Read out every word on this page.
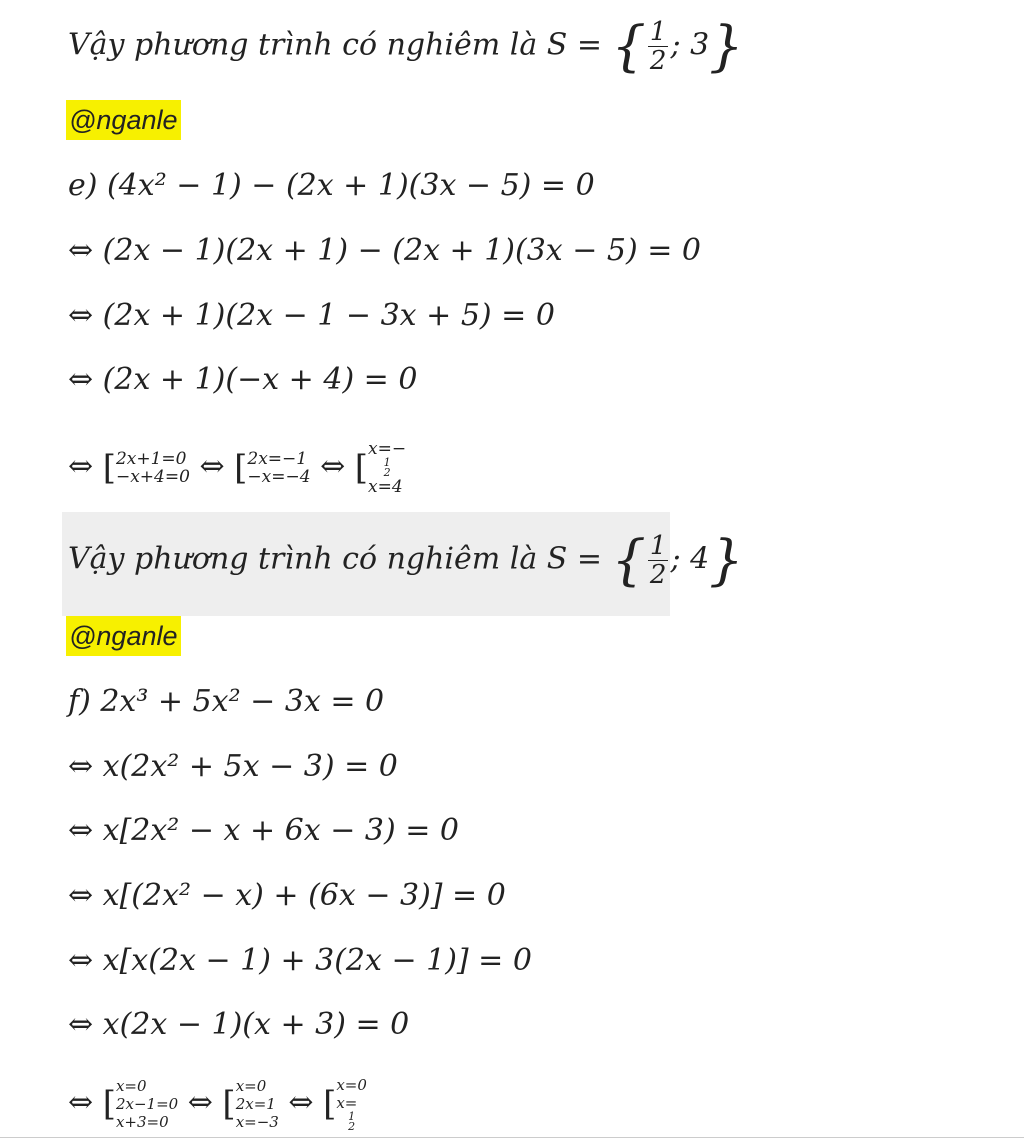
Vậy phương trình có nghiêm là S = { $\frac{1}{2}$ ; 3}
@nganle
e) (4x² − 1) − (2x + 1)(3x − 5) = 0
⇔ (2x − 1)(2x + 1) − (2x + 1)(3x − 5) = 0
⇔ (2x + 1)(2x − 1 − 3x + 5) = 0
⇔ (2x + 1)(−x + 4) = 0
⇔ [ 2x+1=0
−x+4=0 ⇔ [ 2x=−1
−x=−4 ⇔ [ x=−
1
2
x=4
Vậy phương trình có nghiêm là S = { $\frac{1}{2}$ ; 4}
@nganle
f) 2x³ + 5x² − 3x = 0
⇔ x(2x² + 5x − 3) = 0
⇔ x[2x² − x + 6x − 3) = 0
⇔ x[(2x² − x) + (6x − 3)] = 0
⇔ x[x(2x − 1) + 3(2x − 1)] = 0
⇔ x(2x − 1)(x + 3) = 0
⇔ [ x=0
2x−1=0
x+3=0
⇔ [ x=0
2x=1
x=−3
⇔ [ x=0
x=
1
2
